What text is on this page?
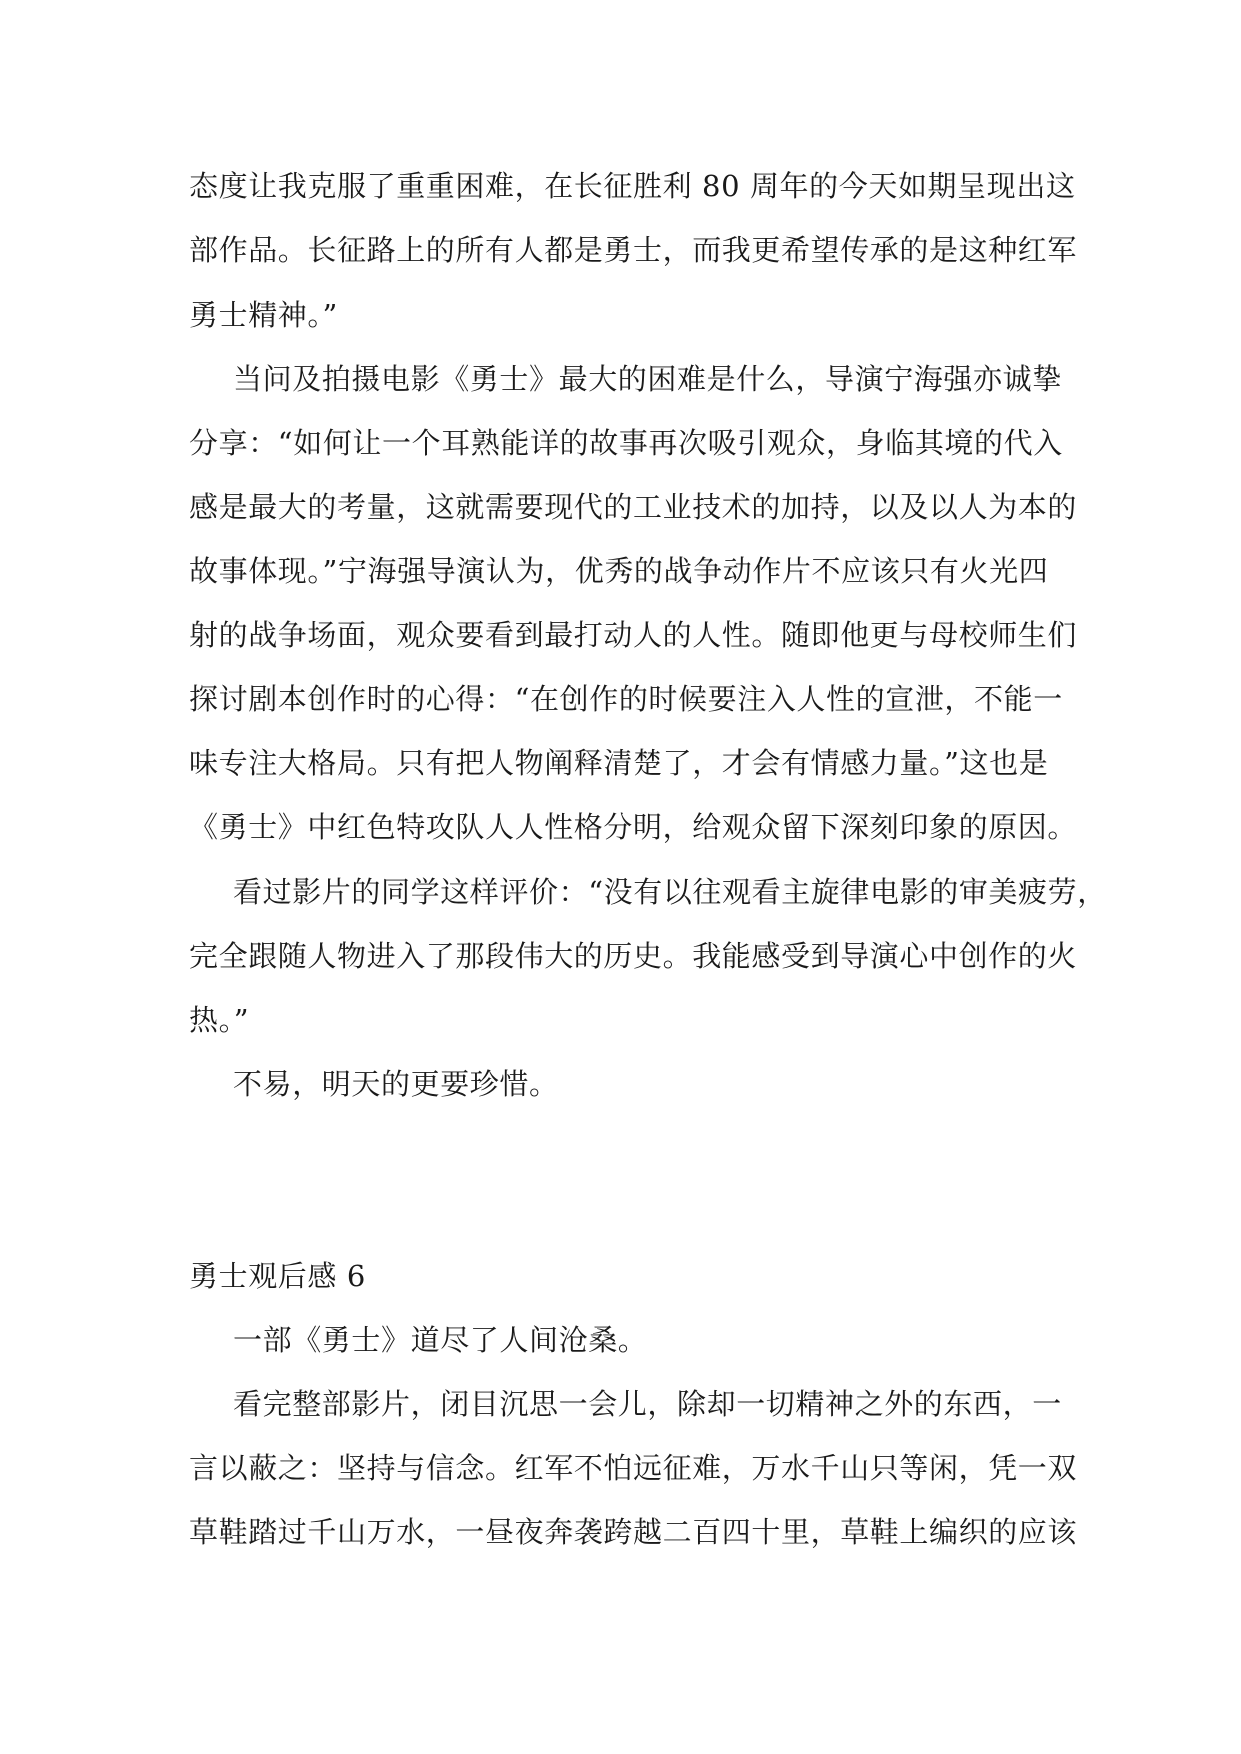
态度让我克服了重重困难，在长征胜利 80 周年的今天如期呈现出这
部作品。长征路上的所有人都是勇士，而我更希望传承的是这种红军
勇士精神。”
当问及拍摄电影《勇士》最大的困难是什么，导演宁海强亦诚挚
分享：“如何让一个耳熟能详的故事再次吸引观众，身临其境的代入
感是最大的考量，这就需要现代的工业技术的加持，以及以人为本的
故事体现。”宁海强导演认为，优秀的战争动作片不应该只有火光四
射的战争场面，观众要看到最打动人的人性。随即他更与母校师生们
探讨剧本创作时的心得：“在创作的时候要注入人性的宣泄，不能一
味专注大格局。只有把人物阐释清楚了，才会有情感力量。”这也是
《勇士》中红色特攻队人人性格分明，给观众留下深刻印象的原因。
看过影片的同学这样评价：“没有以往观看主旋律电影的审美疲劳，
完全跟随人物进入了那段伟大的历史。我能感受到导演心中创作的火
热。”
不易，明天的更要珍惜。
勇士观后感 6
一部《勇士》道尽了人间沧桑。
看完整部影片，闭目沉思一会儿，除却一切精神之外的东西，一
言以蔽之：坚持与信念。红军不怕远征难，万水千山只等闲，凭一双
草鞋踏过千山万水，一昼夜奔袭跨越二百四十里，草鞋上编织的应该
